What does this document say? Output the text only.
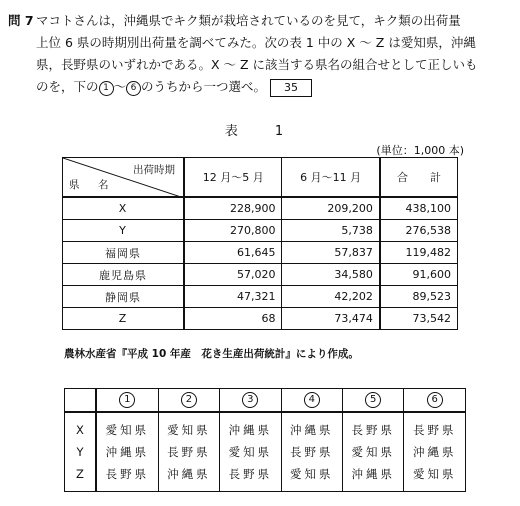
問 7 マコトさんは，沖縄県でキク類が栽培されているのを見て，キク類の出荷量
上位 6 県の時期別出荷量を調べてみた。次の表 1 中の X ～ Z は愛知県，沖縄
県，長野県のいずれかである。X ～ Z に該当する県名の組合せとして正しいも
のを，下の 1 ～ 6 のうちから一つ選べ。 35
表　1
(単位：1,000 本)
出荷時期
県　名	12 月～5 月	6 月～11 月	合　　計
X	228,900	209,200	438,100
Y	270,800	5,738	276,538
福岡県	61,645	57,837	119,482
鹿児島県	57,020	34,580	91,600
静岡県	47,321	42,202	89,523
Z	68	73,474	73,542
農林水産省『平成 10 年産　花き生産出荷統計』により作成。
	1	2	3	4	5	6
X	愛知県	愛知県	沖縄県	沖縄県	長野県	長野県
Y	沖縄県	長野県	愛知県	長野県	愛知県	沖縄県
Z	長野県	沖縄県	長野県	愛知県	沖縄県	愛知県
